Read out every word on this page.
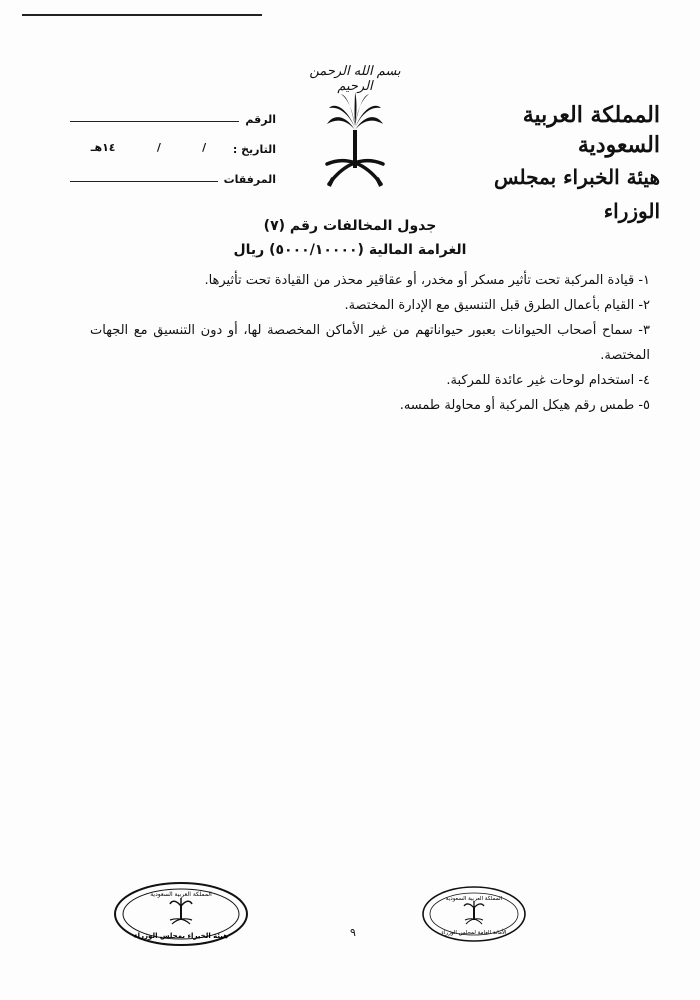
بسم الله الرحمن الرحيم
المملكة العربية السعودية
هيئة الخبراء بمجلس الوزراء
الرقم
التاريخ :
/
/
١٤هـ
المرفقات
جدول المخالفات رقم (٧)
الغرامة المالية (٥٠٠٠/١٠٠٠٠) ريال
١- قيادة المركبة تحت تأثير مسكر أو مخدر، أو عقاقير محذر من القيادة تحت تأثيرها.
٢- القيام بأعمال الطرق قبل التنسيق مع الإدارة المختصة.
٣- سماح أصحاب الحيوانات بعبور حيواناتهم من غير الأماكن المخصصة لها، أو دون التنسيق مع الجهات المختصة.
٤- استخدام لوحات غير عائدة للمركبة.
٥- طمس رقم هيكل المركبة أو محاولة طمسه.
المملكة العربية السعودية
هيئة الخبراء بمجلس الوزراء
المملكة العربية السعودية
الأمانة العامة لمجلس الوزراء
٩
